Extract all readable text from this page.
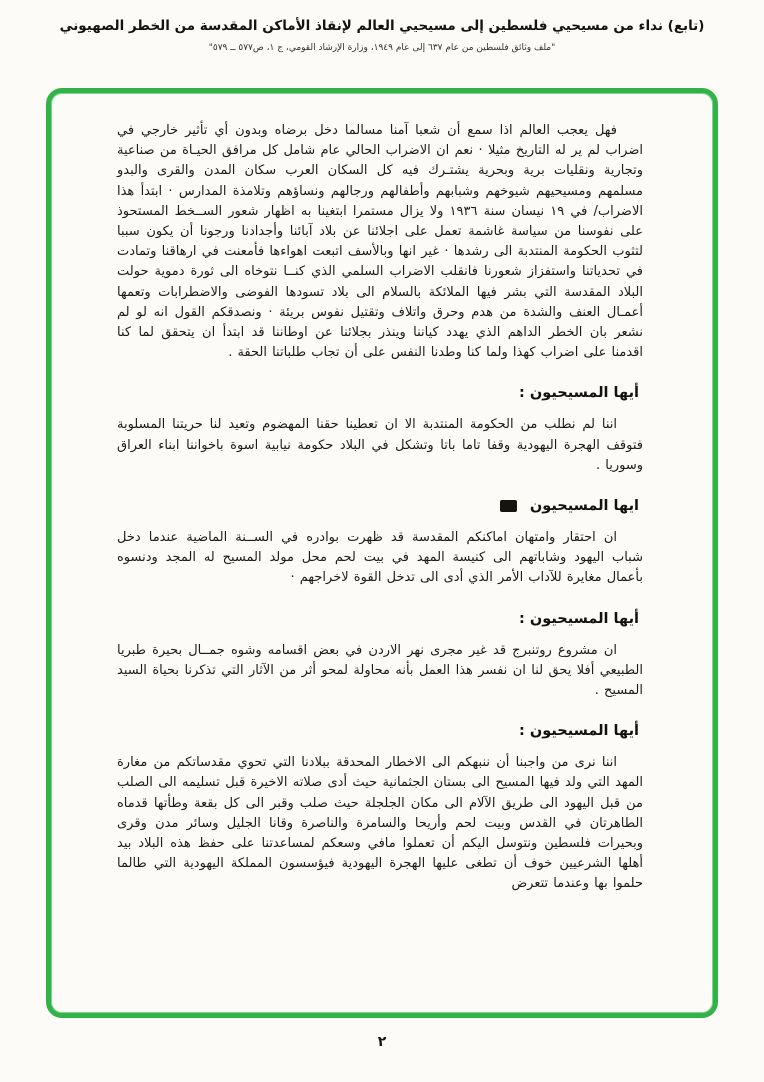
(تابع) نداء من مسيحيي فلسطين إلى مسيحيي العالم لإنقاذ الأماكن المقدسة من الخطر الصهيوني
"ملف وثائق فلسطين من عام ٦٣٧ إلى عام ١٩٤٩، وزارة الإرشاد القومي، ج ١، ص٥٧٧ ــ ٥٧٩"

فهل يعجب العالم اذا سمع أن شعبا آمنا مسالما دخل برضاه وبدون أي تأثير خارجي في اضراب لم ير له التاريخ مثيلا · نعم ان الاضراب الحالي عام شامل كل مرافق الحيـاة من صناعية وتجارية ونقليات برية وبحرية يشتـرك فيه كل السكان العرب سكان المدن والقرى والبدو مسلمهم ومسيحيهم شيوخهم وشبابهم وأطفالهم ورجالهم ونساؤهم وتلامذة المدارس · ابتدأ هذا الاضراب/ في ١٩ نيسان سنة ١٩٣٦ ولا يزال مستمرا ابتغينا به اظهار شعور الســخط المستحوذ على نفوسنا من سياسة غاشمة تعمل على اجلائنا عن بلاد آبائنا وأجدادنا ورجونا أن يكون سببا لتثوب الحكومة المنتدبة الى رشدها · غير انها وبالأسف اتبعت اهواءها فأمعنت في ارهاقنا وتمادت في تحدياتنا واستفزاز شعورنا فانقلب الاضراب السلمي الذي كنــا نتوخاه الى ثورة دموية حولت البلاد المقدسة التي بشر فيها الملائكة بالسلام الى بلاد تسودها الفوضى والاضطرابات وتعمها أعمـال العنف والشدة من هدم وحرق واتلاف وتقتيل نفوس بريئة · ونصدقكم القول انه لو لم نشعر بان الخطر الداهم الذي يهدد كياننا وينذر بجلائنا عن اوطاننا قد ابتدأ ان يتحقق لما كنا اقدمنا على اضراب كهذا ولما كنا وطدنا النفس على أن تجاب طلباتنا الحقة .

أيها المسيحيون :

اننا لم نطلب من الحكومة المنتدبة الا ان تعطينا حقنا المهضوم وتعيد لنا حريتنا المسلوبة فتوقف الهجرة اليهودية وقفا تاما باتا وتشكل في البلاد حكومة نيابية اسوة باخواننا ابناء العراق وسوريا .

ايها المسيحيون

ان احتقار وامتهان اماكنكم المقدسة قد ظهرت بوادره في الســنة الماضية عندما دخل شباب اليهود وشاباتهم الى كنيسة المهد في بيت لحم محل مولد المسيح له المجد ودنسوه بأعمال مغايرة للآداب الأمر الذي أدى الى تدخل القوة لاخراجهم ·

أيها المسيحيون :

ان مشروع روتنبرج قد غير مجرى نهر الاردن في بعض اقسامه وشوه جمــال بحيرة طبريا الطبيعي أفلا يحق لنا ان نفسر هذا العمل بأنه محاولة لمحو أثر من الآثار التي تذكرنا بحياة السيد المسيح .

أيها المسيحيون :

اننا نرى من واجبنا أن ننبهكم الى الاخطار المحدقة ببلادنا التي تحوي مقدساتكم من مغارة المهد التي ولد فيها المسيح الى بستان الجثمانية حيث أدى صلاته الاخيرة قبل تسليمه الى الصلب من قبل اليهود الى طريق الآلام الى مكان الجلجلة حيث صلب وقبر الى كل بقعة وطأتها قدماه الطاهرتان في القدس وبيت لحم وأريحا والسامرة والناصرة وقانا الجليل وسائر مدن وقرى وبحيرات فلسطين ونتوسل اليكم أن تعملوا مافي وسعكم لمساعدتنا على حفظ هذه البلاد بيد أهلها الشرعيين خوف أن تطغى عليها الهجرة اليهودية فيؤسسون المملكة اليهودية التي طالما حلموا بها وعندما تتعرض

٢
